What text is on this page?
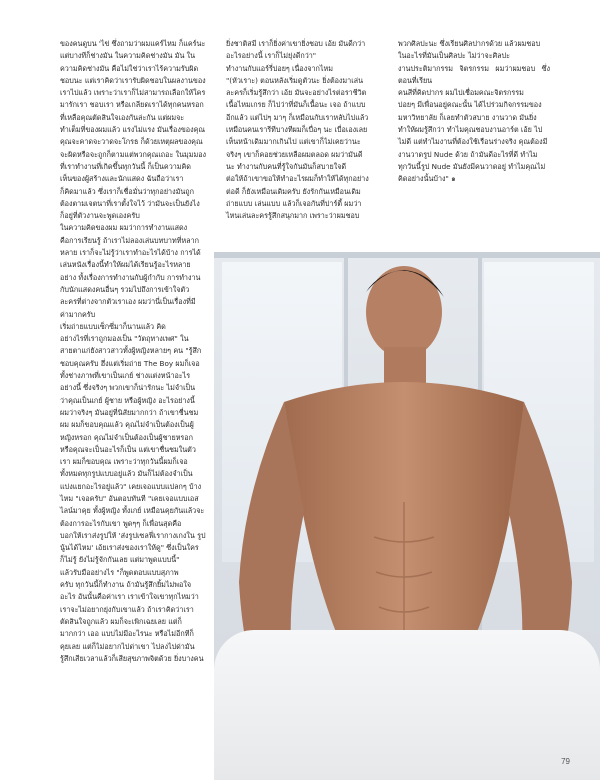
ของคนดูบน 'ไข่ ซึ่งถามว่าผมแคร์ไหม ก็แคร์นะ
แต่บางทีก็ช่างมัน ในความคิดช่างมัน มัน ใน
ความคิดช่างมัน คือไม่ใช่ว่าเราไร้ความรับผิด
ชอบนะ แต่เราคิดว่าเรารับผิดชอบในผลงานของ
เราไปแล้ว เพราะว่าเราก็ไม่สามารถเลือกให้ใคร
มารักเรา ชอบเรา หรือเกลียดเราได้ทุกคนหรอก
ที่เหลือคุณตัดสินใจเองกันล่ะกัน แต่ผมจะ
ทำเต็มที่ของผมแล้ว แรงไม่แรง มันเรื่องของคุณ
คุณจะคาดจะวาดจะโกรธ ก็ด้วยเหตุผลของคุณ
จะผิดหรือจะถูกก็ตามแต่พวกคุณเถอะ ในมุมมอง
ที่เราทำงานที่เกิดขึ้นทุกวันนี้ ก็เป็นความคิด
เห็นของผู้สร้างและนักแสดง ฉันถือว่าเรา
ก็คิดมาแล้ว ซึ่งเราก็เชื่อมั่นว่าทุกอย่างมันถูก
ต้องตามเจตนาที่เราตั้งใจไว้ ว่ามันจะเป็นยังไง
ก็อยู่ที่ตัวงานจะพูดเองครับ
ในความคิดของผม ผมว่าการทำงานแสดง
คือการเรียนรู้ ถ้าเราไม่ลองเล่นบทบาทที่หลาก
หลาย เราก็จะไม่รู้ว่าเราทำอะไรได้บ้าง การได้
เล่นหนังเรื่องนี้ทำให้ผมได้เรียนรู้อะไรหลาย
อย่าง ทั้งเรื่องการทำงานกับผู้กำกับ การทำงาน
กับนักแสดงคนอื่นๆ รวมไปถึงการเข้าใจตัว
ละครที่ต่างจากตัวเราเอง ผมว่านี่เป็นเรื่องที่มี
ค่ามากครับ
เริ่มถ่ายแบบเซ็กซี่มาก็นานแล้ว คิด
อย่างไรที่เราถูกมองเป็น "วัตถุทางเพศ" ใน
สายตาแก่ยังสาวสาวทั้งผู้หญิงหลายๆ คน "รู้สึก
ชอบคุณครับ ฮึ่งแต่เริ่มถ่าย The Boy ผมก็เจอ
ทั้งช่างภาพที่เขาเป็นเกย์ ช่างแต่งหน้าอะไร
อย่างนี้ ซึ่งจริงๆ พวกเขาก็น่ารักนะ ไม่จำเป็น
ว่าคุณเป็นเกย์ ผู้ชาย หรือผู้หญิง อะไรอย่างนี้
ผมว่าจริงๆ มันอยู่ที่นิสัยมากกว่า ถ้าเขาชื่นชม
ผม ผมก็ขอบคุณแล้ว คุณไม่จำเป็นต้องเป็นผู้
หญิงหรอก คุณไม่จำเป็นต้องเป็นผู้ชายหรอก
หรือคุณจะเป็นอะไรก็เป็น แต่เขาชื่นชมในตัว
เรา ผมก็ขอบคุณ เพราะว่าทุกวันนี้ผมก็เจอ
ทั้งหมดทุกรูปแบบอยู่แล้ว มันก็ไม่ต้องจำเป็น
แบ่งแยกอะไรอยู่แล้ว" เคยเจอแบบแปลกๆ บ้าง
ไหม "เจอครับ" อันตอบทันที "เคยเจอแบบเอส
ไลน์มาคุย ทั้งผู้หญิง ทั้งเกย์ เหมือนคุยกันแล้วจะ
ต้องการอะไรกับเขา พูดๆๆ ก็เพื่อนสุดคือ
บอกให้เราส่งรูปให้ 'ส่งรูปเซลฟี่เรากางเกงใน รูป
นู้นได้ไหม' เอ้ยเราส่งของเราให้ดู" ซึ่งเป็นใคร
ก็ไม่รู้ ยังไม่รู้จักกันเลย แต่มาพูดแบบนี้"
แล้วรับมืออย่างไร "ก็พูดตอบแบบสุภาพ
ครับ ทุกวันนี้ก็ทำงาน ถ้ามันรู้สึกยิ้มไม่พอใจ
อะไร อันนั้นคือค่าเรา เราเข้าใจเขาทุกไหมว่า
เราจะไม่อยากยุ่งกับเขาแล้ว ถ้าเราคิดว่าเรา
ตัดสินใจถูกแล้ว ผมก็จะเพิกเฉยเลย แต่ก็
มากกว่า เออ แบบไม่มีอะไรนะ หรือไม่อีกทีก็
คุยเลย แต่ก็ไม่อยากไปด่าเขา ไปลงไปด่ามัน
รู้สึกเสียเวลาแล้วก็เสียสุขภาพจิตด้วย ยิ่งบางคน

ยิ่งชาติสมี เราก็ยิ่งค่าเขายิ่งชอบ เอ้ย มันดีกว่า
อะไรอย่างนี้ เราก็ไม่ยุ่งดีกว่า"
ทำงานกับแอร์รี่บ่อยๆ เนื่องจากไหม
"(หัวเราะ) ตอนหลังเริ่มดูตัวนะ ยิ่งต้องมาเล่น
ละครก็เริ่มรู้สึกว่า เอ้ย มันจะอย่างไรต่อราชีวิต
เนื้อไหมเกรย ก็ไปว่าที่มันก็เนื้อนะ เจอ ถ้าแบบ
อีกแล้ว แต่ไปๆ มาๆ ก็เหมือนกับเราหลับไปแล้ว
เหมือนคนเรารีทีบางทีผมก็เบื่อๆ นะ เบื่อเองเลย
เห็นหน้าเดิมมากเกินไป แต่เขาก็ไม่เคยว่านะ
จริงๆ เขาก็คอยช่วยเหลือผมตลอด ผมว่ามันดี
นะ ทำงานกับคนที่รู้ใจกันมันก็สบายใจดี
ต่อให้ถ้าเขาขอให้ทำอะไรผมก็ทำให้ได้ทุกอย่าง
ต่อดี ก็ยังเหมือนเดิมครับ ยังรักกันเหมือนเดิม
ถ่ายแบบ เล่นแบบ แล้วก็เจอกันที่ปาร์ตี้ ผมว่า
ไหนเล่นละครรู้สึกสนุกมาก เพราะว่าผมชอบ

พวกศิลปะนะ ซึ่งเรียนศิลปากรด้วย แล้วผมชอบ
ในอะไรที่มันเป็นศิลปะ ไม่ว่าจะศิลปะ
งานประติมากรรม จิตรกรรม ผมว่าผมชอบ ซึ่งตอนที่เรียน
คนสีที่คิดปากร ผมไปเชื่อมคณะจิตรกรรม
บ่อยๆ มีเพื่อนอยู่คณะนั้น ได้ไปร่วมกิจกรรมของ
มหาวิทยาลัย ก็เลยทำตัวสบาย งานวาด มันยิ่ง
ทำให้ผมรู้สึกว่า ทำไมคุณชอบงานอาร์ต เอ้ย ไป
ไม่ดี แต่ทำไมงานที่ต้องใช้เรือนร่างจริง คุณต้องมี
งานวาดรูป Nude ด้วย ถ้ามันดีอะไรที่ดี ทำไม
ทุกวันนี้รูป Nude มันยังมีคนวาดอยู่ ทำไมคุณไม่
คิดอย่างนั้นบ้าง" ๑

79
